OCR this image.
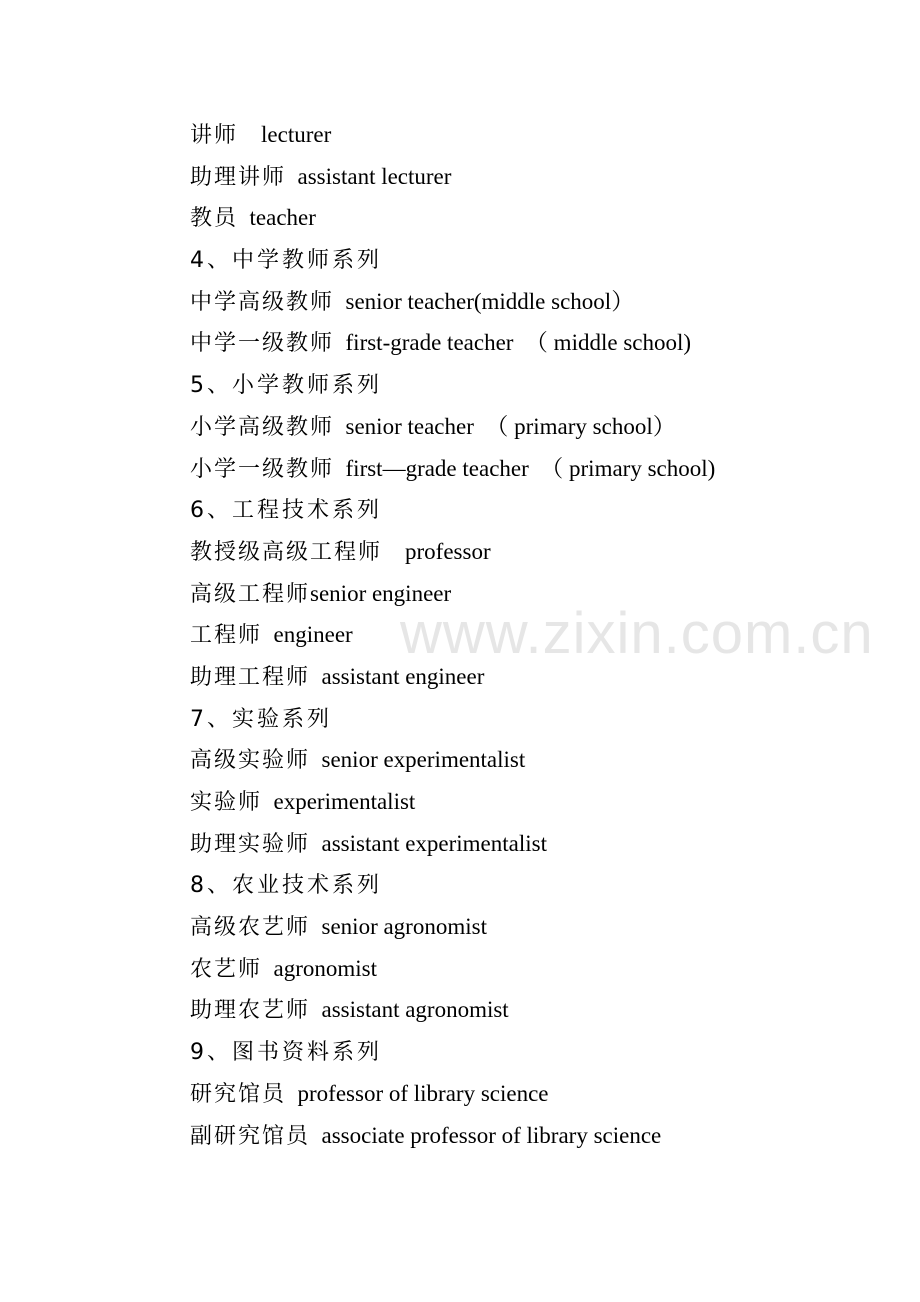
讲师 lecturer
助理讲师 assistant lecturer
教员 teacher
4、中学教师系列
中学高级教师 senior teacher(middle school）
中学一级教师 first-grade teacher  （ middle school)
5、小学教师系列
小学高级教师 senior teacher  （ primary school）
小学一级教师 first—grade teacher  （ primary school)
6、工程技术系列
教授级高级工程师 professor
高级工程师senior engineer
工程师 engineer
助理工程师 assistant engineer
7、实验系列
高级实验师 senior experimentalist
实验师 experimentalist
助理实验师 assistant experimentalist
8、农业技术系列
高级农艺师 senior agronomist
农艺师 agronomist
助理农艺师 assistant agronomist
9、图书资料系列
研究馆员 professor of library science
副研究馆员 associate professor of library science
www.zixin.com.cn
